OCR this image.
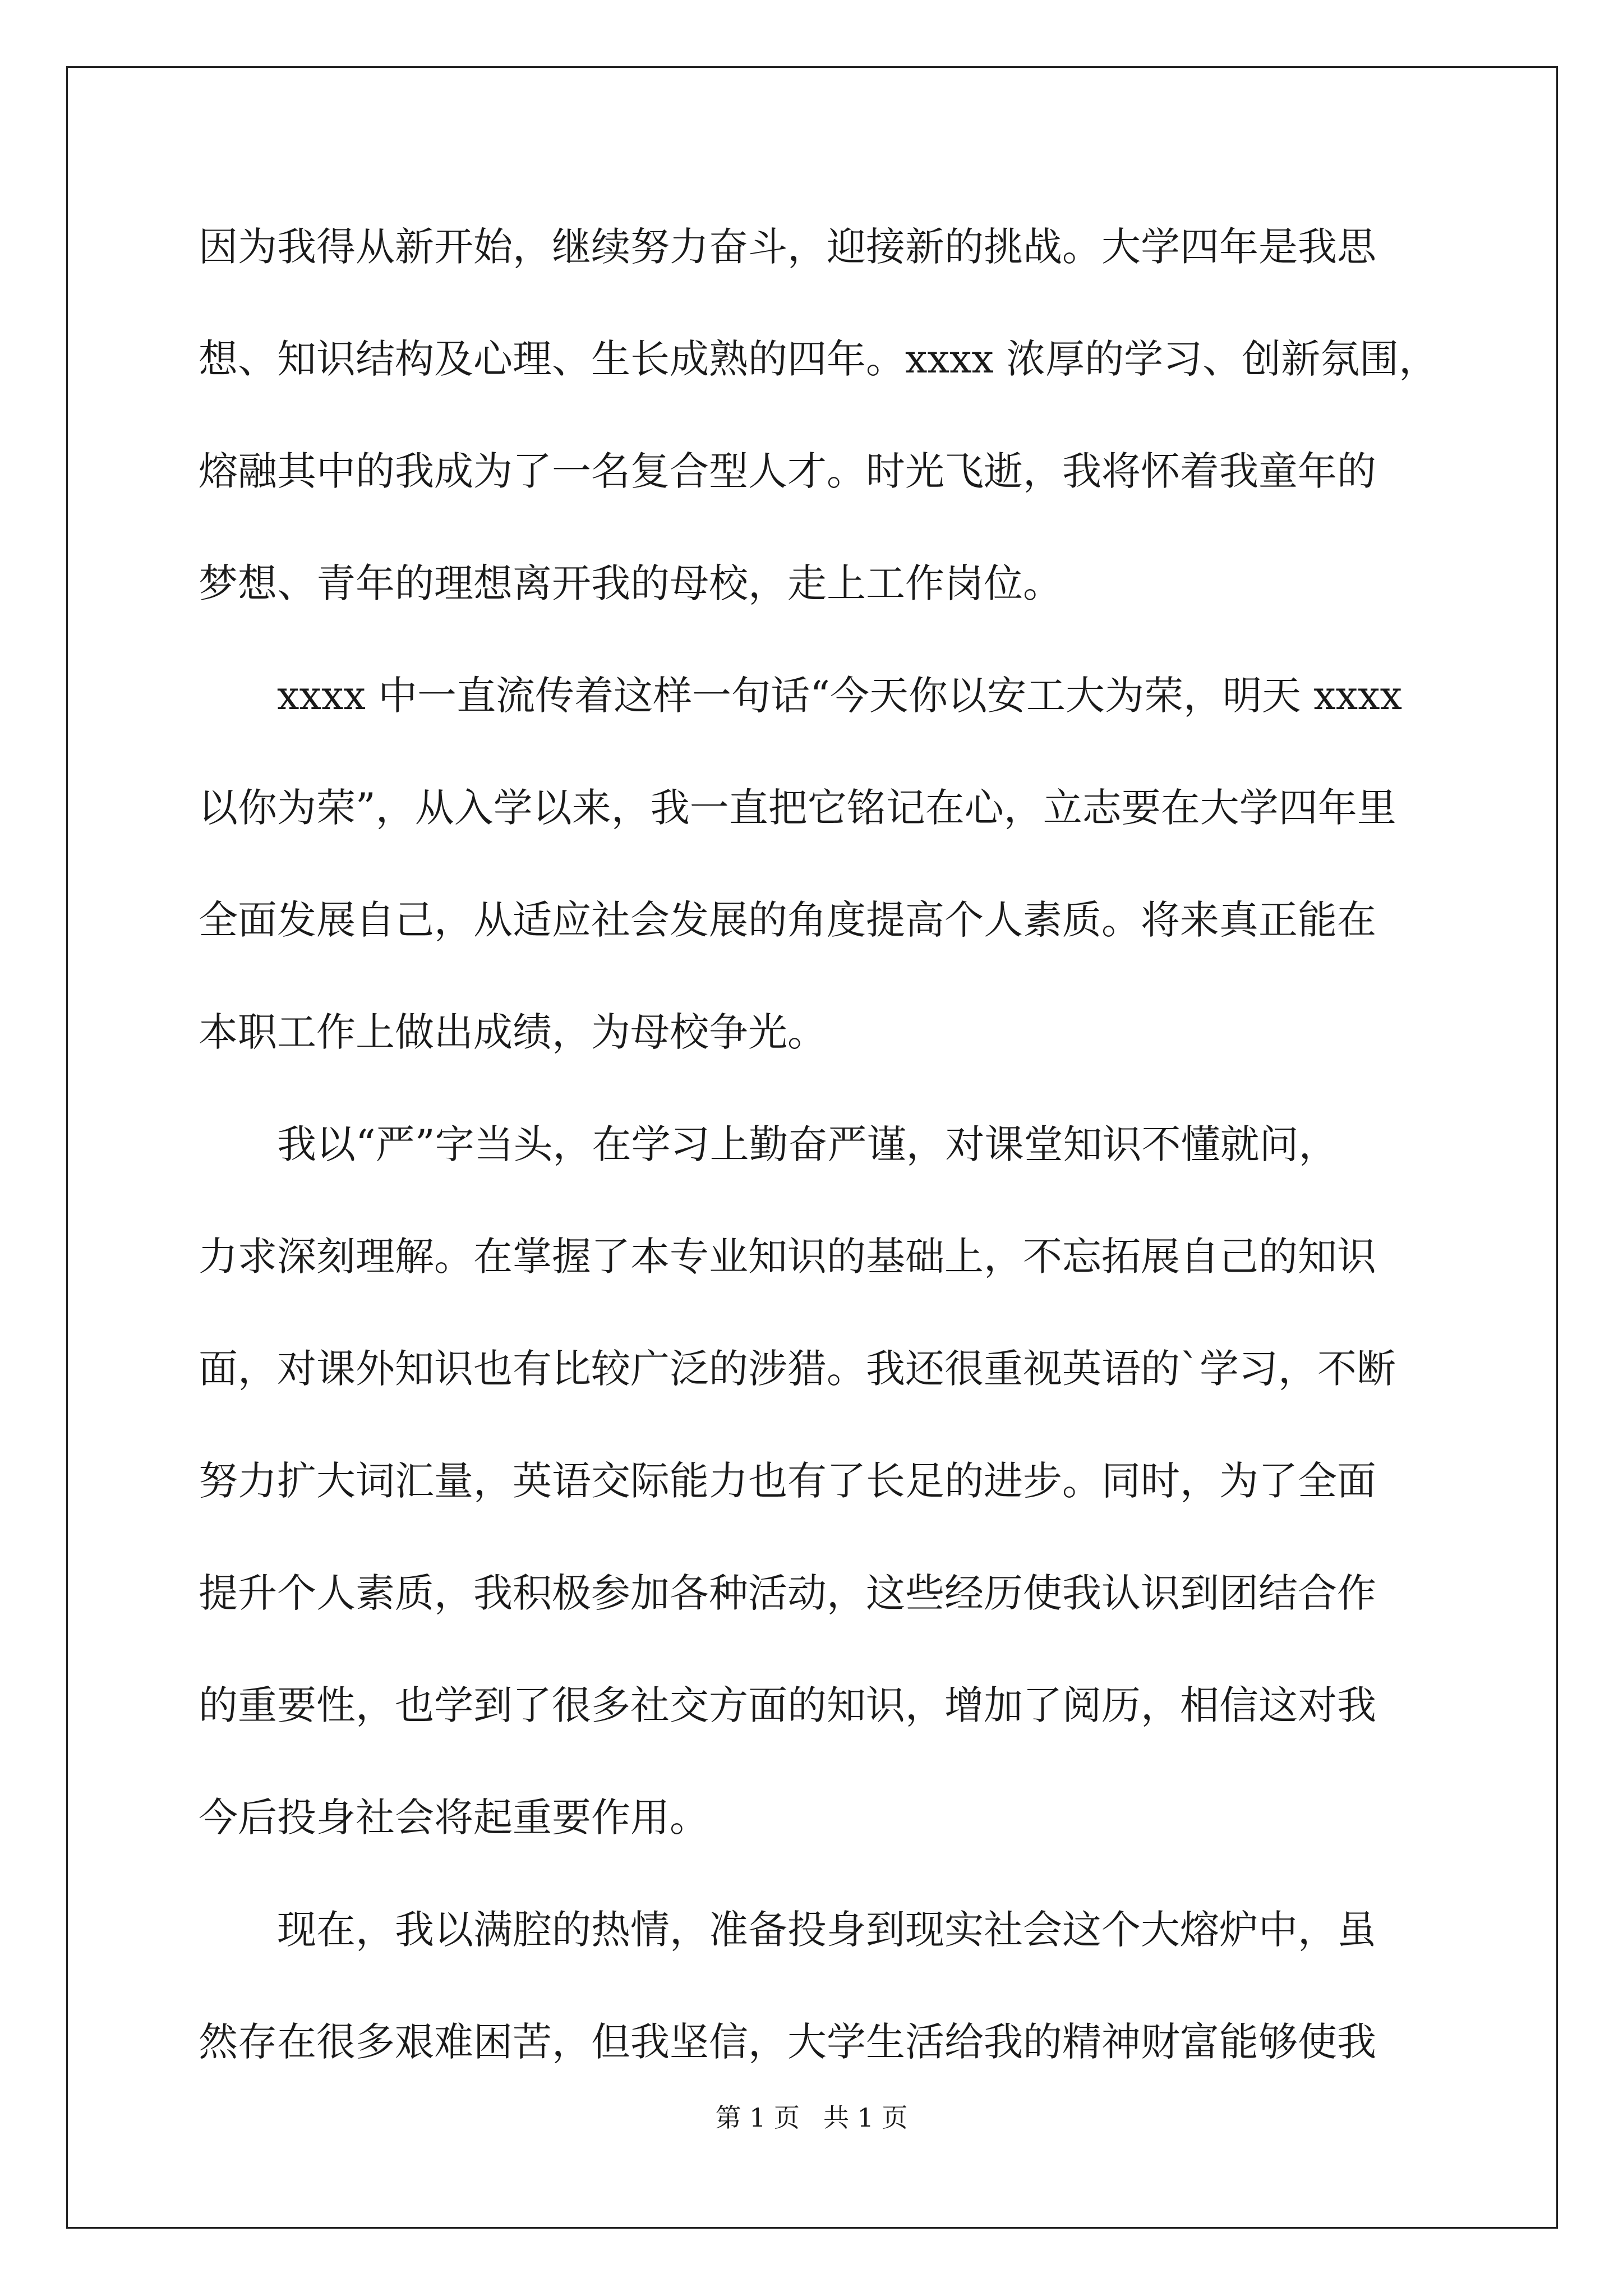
因为我得从新开始，继续努力奋斗，迎接新的挑战。大学四年是我思
想、知识结构及心理、生长成熟的四年。xxxx 浓厚的学习、创新氛围，
熔融其中的我成为了一名复合型人才。时光飞逝，我将怀着我童年的
梦想、青年的理想离开我的母校，走上工作岗位。
　　xxxx 中一直流传着这样一句话“今天你以安工大为荣，明天 xxxx
以你为荣”，从入学以来，我一直把它铭记在心，立志要在大学四年里
全面发展自己，从适应社会发展的角度提高个人素质。将来真正能在
本职工作上做出成绩，为母校争光。
　　我以“严”字当头，在学习上勤奋严谨，对课堂知识不懂就问，
力求深刻理解。在掌握了本专业知识的基础上，不忘拓展自己的知识
面，对课外知识也有比较广泛的涉猎。我还很重视英语的`学习，不断
努力扩大词汇量，英语交际能力也有了长足的进步。同时，为了全面
提升个人素质，我积极参加各种活动，这些经历使我认识到团结合作
的重要性，也学到了很多社交方面的知识，增加了阅历，相信这对我
今后投身社会将起重要作用。
　　现在，我以满腔的热情，准备投身到现实社会这个大熔炉中，虽
然存在很多艰难困苦，但我坚信，大学生活给我的精神财富能够使我
第 1 页 共 1 页
